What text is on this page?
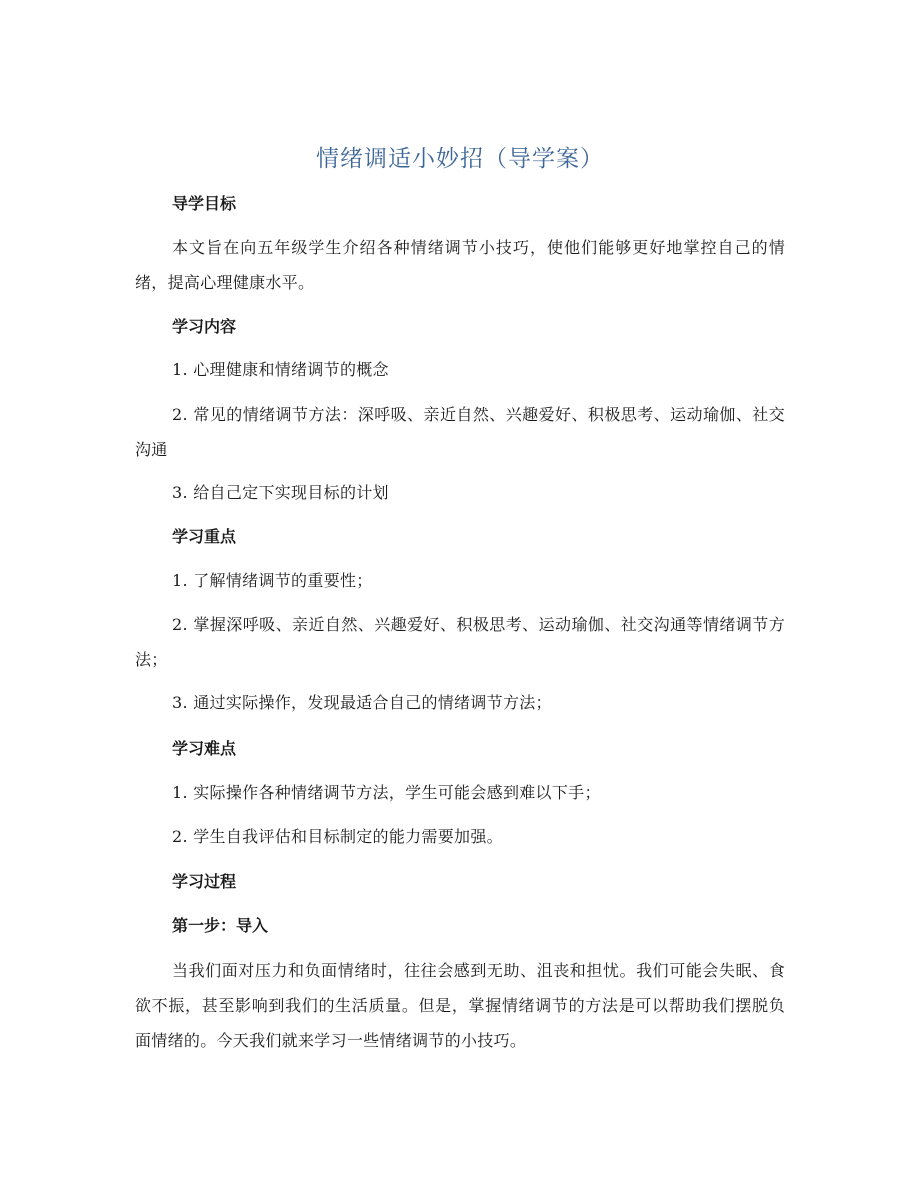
情绪调适小妙招（导学案）

导学目标

本文旨在向五年级学生介绍各种情绪调节小技巧，使他们能够更好地掌控自己的情绪，提高心理健康水平。

学习内容

1. 心理健康和情绪调节的概念

2. 常见的情绪调节方法：深呼吸、亲近自然、兴趣爱好、积极思考、运动瑜伽、社交沟通

3. 给自己定下实现目标的计划

学习重点

1. 了解情绪调节的重要性；

2. 掌握深呼吸、亲近自然、兴趣爱好、积极思考、运动瑜伽、社交沟通等情绪调节方法；

3. 通过实际操作，发现最适合自己的情绪调节方法；

学习难点

1. 实际操作各种情绪调节方法，学生可能会感到难以下手；

2. 学生自我评估和目标制定的能力需要加强。

学习过程

第一步：导入

当我们面对压力和负面情绪时，往往会感到无助、沮丧和担忧。我们可能会失眠、食欲不振，甚至影响到我们的生活质量。但是，掌握情绪调节的方法是可以帮助我们摆脱负面情绪的。今天我们就来学习一些情绪调节的小技巧。
